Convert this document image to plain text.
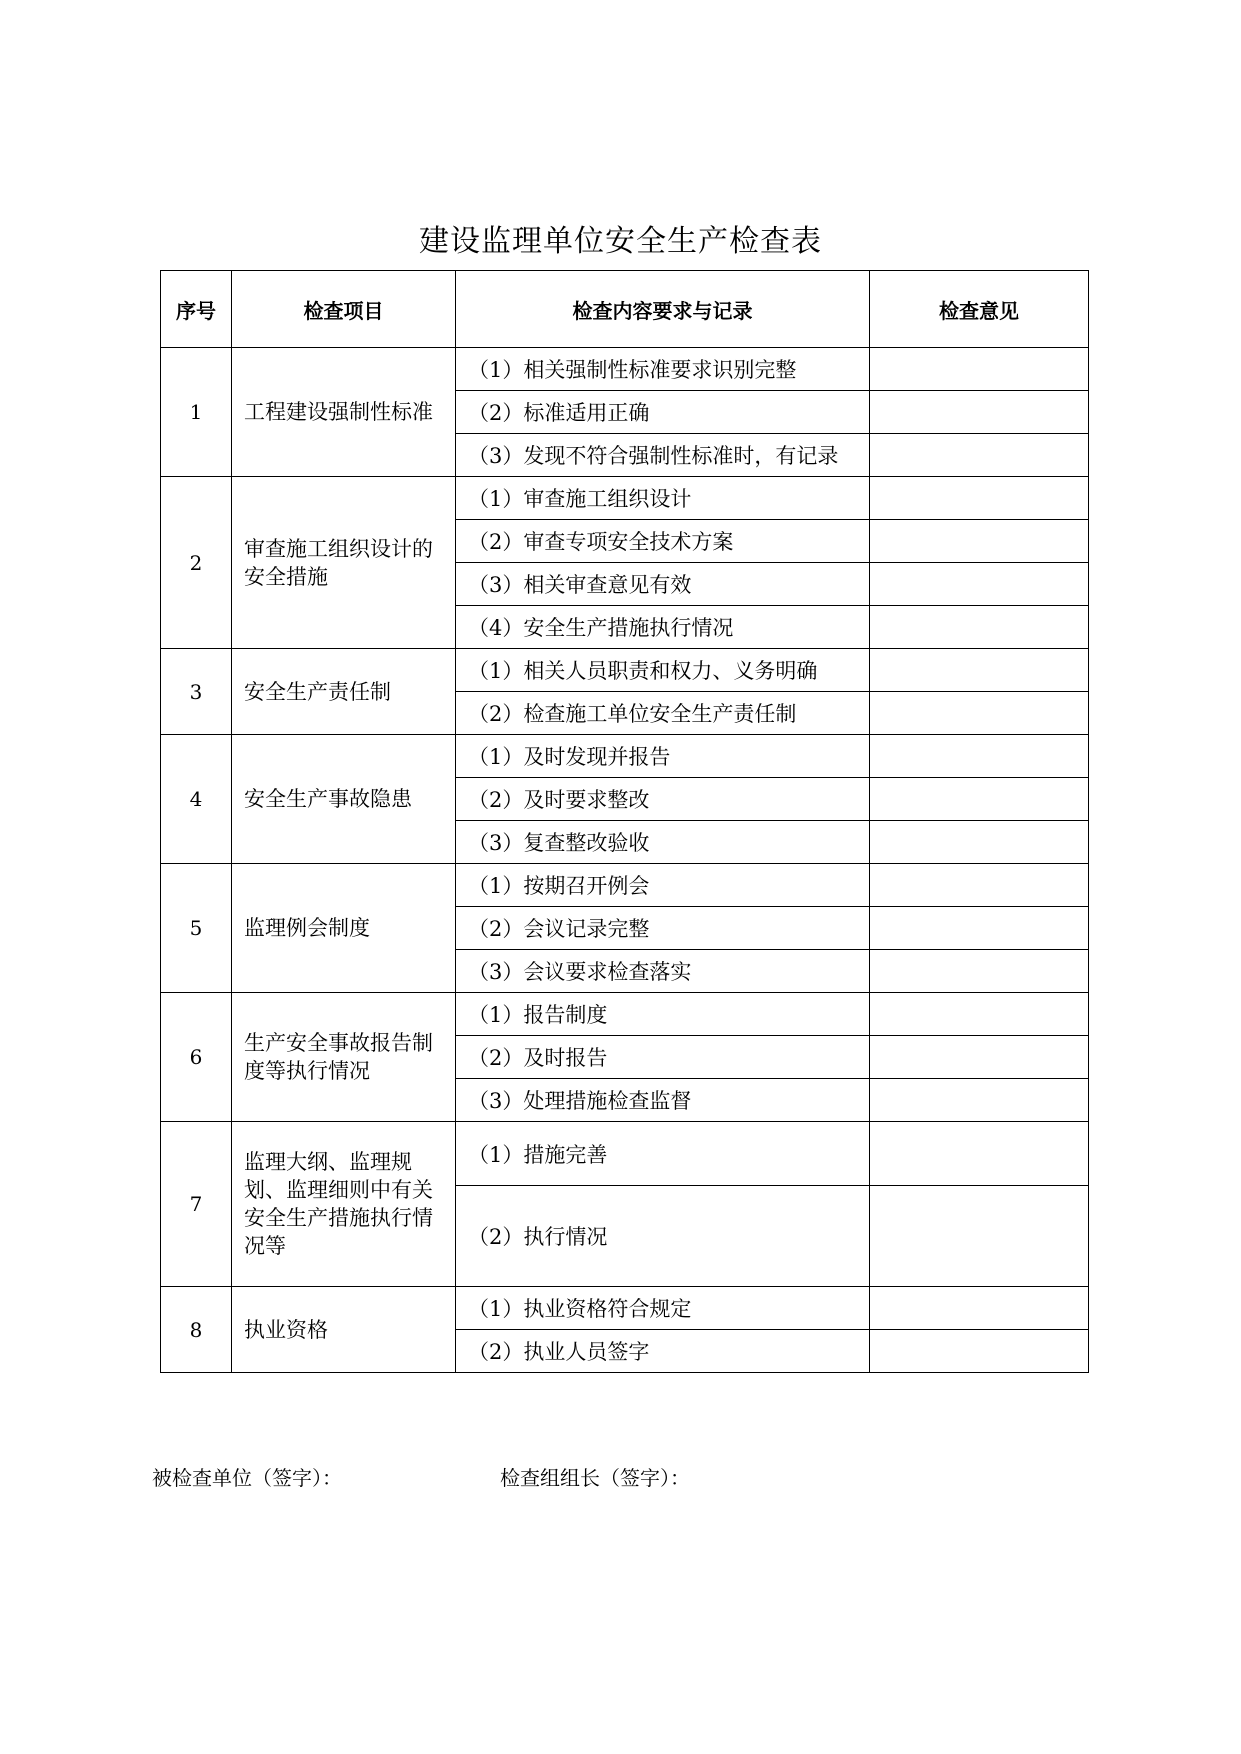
建设监理单位安全生产检查表
序号	检查项目	检查内容要求与记录	检查意见
1	工程建设强制性标准	（1）相关强制性标准要求识别完整	
		（2）标准适用正确	
		（3）发现不符合强制性标准时，有记录	
2	审查施工组织设计的安全措施	（1）审查施工组织设计	
		（2）审查专项安全技术方案	
		（3）相关审查意见有效	
		（4）安全生产措施执行情况	
3	安全生产责任制	（1）相关人员职责和权力、义务明确	
		（2）检查施工单位安全生产责任制	
4	安全生产事故隐患	（1）及时发现并报告	
		（2）及时要求整改	
		（3）复查整改验收	
5	监理例会制度	（1）按期召开例会	
		（2）会议记录完整	
		（3）会议要求检查落实	
6	生产安全事故报告制度等执行情况	（1）报告制度	
		（2）及时报告	
		（3）处理措施检查监督	
7	监理大纲、监理规划、监理细则中有关安全生产措施执行情况等	（1）措施完善	
		（2）执行情况	
8	执业资格	（1）执业资格符合规定	
		（2）执业人员签字	
被检查单位（签字）：	检查组组长（签字）：
